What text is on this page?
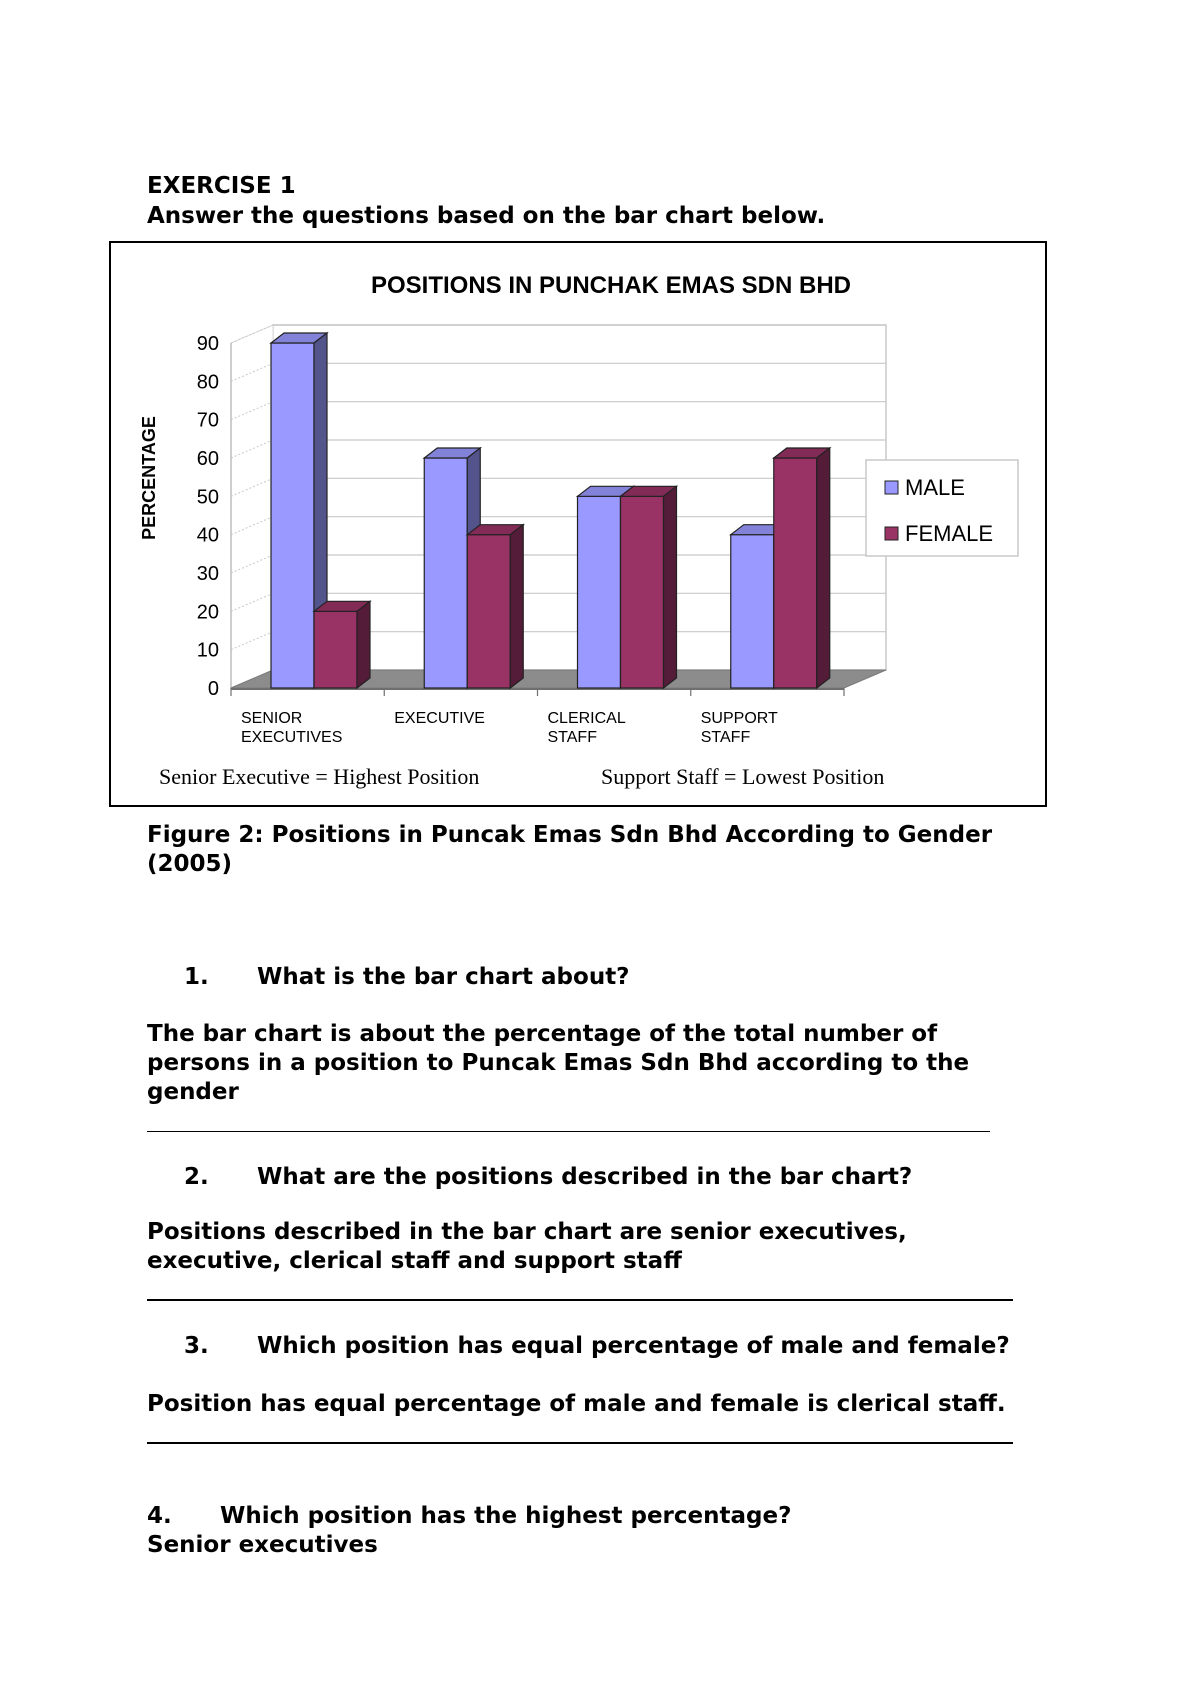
EXERCISE 1
Answer the questions based on the bar chart below.
POSITIONS IN PUNCHAK EMAS SDN BHD
0
10
20
30
40
50
60
70
80
90
PERCENTAGE
SENIOR
EXECUTIVES
EXECUTIVE	CLERICAL
STAFF
SUPPORT
STAFF
MALE
FEMALE
Senior Executive = Highest Position	Support Staff = Lowest Position
Figure 2: Positions in Puncak Emas Sdn Bhd According to Gender (2005)
1. What is the bar chart about?
The bar chart is about the percentage of the total number of persons in a position to Puncak Emas Sdn Bhd according to the gender
2. What are the positions described in the bar chart?
Positions described in the bar chart are senior executives, executive, clerical staff and support staff
3. Which position has equal percentage of male and female?
Position has equal percentage of male and female is clerical staff.
4. Which position has the highest percentage?
Senior executives
